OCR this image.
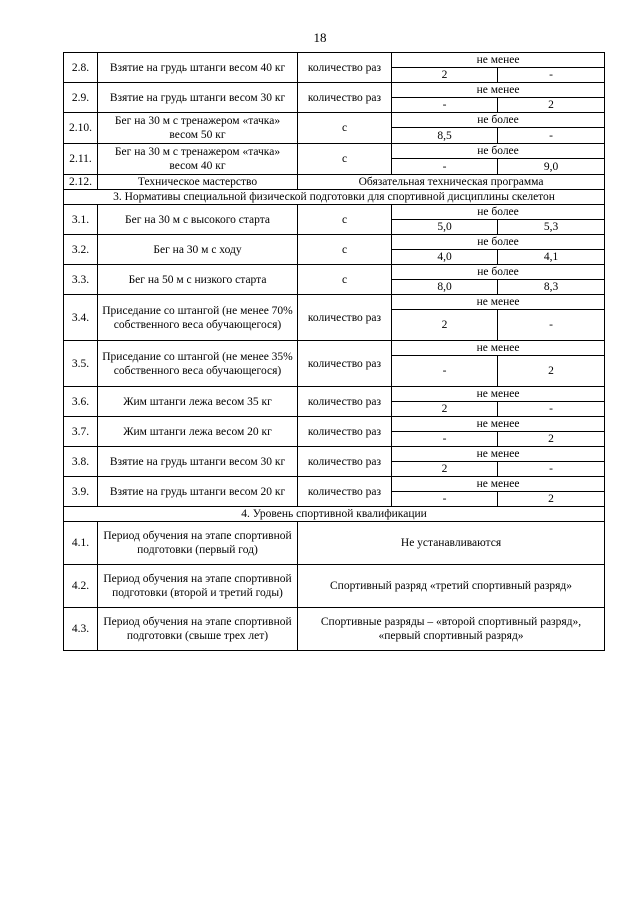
18
2.8.	Взятие на грудь штанги весом 40 кг	количество раз	не менее	
			2	-
2.9.	Взятие на грудь штанги весом 30 кг	количество раз	не менее	
			-	2
2.10.	Бег на 30 м с тренажером «тачка» весом 50 кг	с	не более	
			8,5	-
2.11.	Бег на 30 м с тренажером «тачка» весом 40 кг	с	не более	
			-	9,0
2.12.	Техническое мастерство	Обязательная техническая программа		
3. Нормативы специальной физической подготовки для спортивной дисциплины скелетон				
3.1.	Бег на 30 м с высокого старта	с	не более	
			5,0	5,3
3.2.	Бег на 30 м с ходу	с	не более	
			4,0	4,1
3.3.	Бег на 50 м с низкого старта	с	не более	
			8,0	8,3
3.4.	Приседание со штангой (не менее 70% собственного веса обучающегося)	количество раз	не менее	
			2	-
3.5.	Приседание со штангой (не менее 35% собственного веса обучающегося)	количество раз	не менее	
			-	2
3.6.	Жим штанги лежа весом 35 кг	количество раз	не менее	
			2	-
3.7.	Жим штанги лежа весом 20 кг	количество раз	не менее	
			-	2
3.8.	Взятие на грудь штанги весом 30 кг	количество раз	не менее	
			2	-
3.9.	Взятие на грудь штанги весом 20 кг	количество раз	не менее	
			-	2
4. Уровень спортивной квалификации				
4.1.	Период обучения на этапе спортивной подготовки (первый год)	Не устанавливаются		
4.2.	Период обучения на этапе спортивной подготовки (второй и третий годы)	Спортивный разряд «третий спортивный разряд»		
4.3.	Период обучения на этапе спортивной подготовки (свыше трех лет)	Спортивные разряды – «второй спортивный разряд», «первый спортивный разряд»		
